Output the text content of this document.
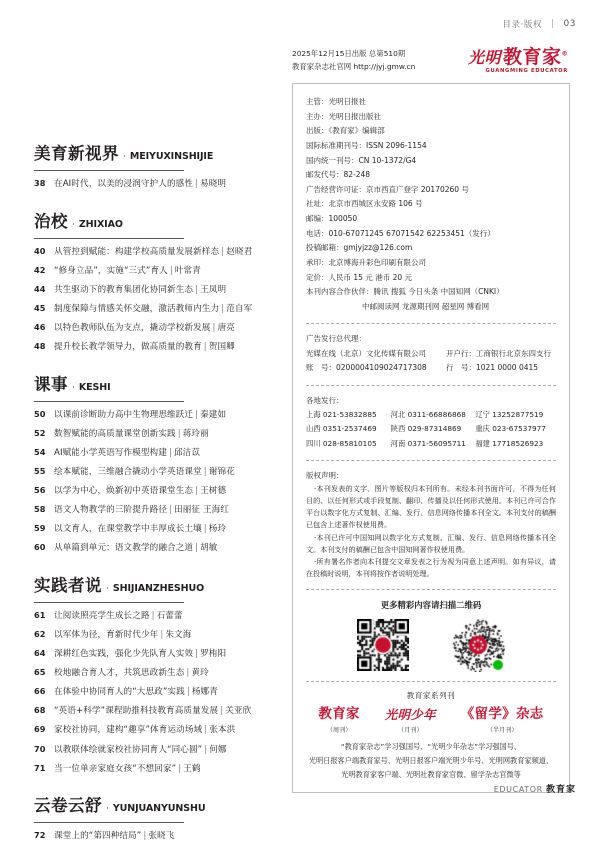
目录·版权 | 03
美育新视界 · MEIYUXINSHIJIE
38 在AI时代，以美的浸润守护人的感性 | 易晓明
治校 · ZHIXIAO
40 从管控到赋能：构建学校高质量发展新样态 | 赵晓君
42 “修身立品”，实施“三式”育人 | 叶常青
44 共生驱动下的教育集团化协同新生态 | 王凤明
45 制度保障与情感关怀交融，激活教师内生力 | 范自军
46 以特色教师队伍为支点，撬动学校新发展 | 唐亮
48 提升校长教学领导力，做高质量的教育 | 贺国卿
课事 · KESHI
50 以课前诊断助力高中生物理思维跃迁 | 秦建如
52 数智赋能的高质量课堂创新实践 | 蒋玲丽
54 AI赋能小学英语写作模型构建 | 邱洁苡
55 绘本赋能，三维融合撬动小学英语课堂 | 谢锦花
56 以学为中心，焕新初中英语课堂生态 | 王树德
58 语文人物教学的三阶提升路径 | 田丽征 王海红
59 以文育人，在课堂教学中丰厚成长土壤 | 杨玲
60 从单篇到单元：语文教学的融合之道 | 胡敏
实践者说 · SHIJIANZHESHUO
61 让阅读照亮学生成长之路 | 石蕾蕾
62 以军体为径，育新时代少年 | 朱文海
64 深耕红色实践，强化少先队育人实效 | 罗栯阳
65 校地融合育人才，共筑思政新生态 | 黄玲
66 在体验中协同育人的“大思政”实践 | 杨娜青
68 “英语+科学”课程助推科技教育高质量发展 | 关亚欣
69 家校社协同，建构“趣享”体育运动场域 | 张本洪
70 以教联体绘就家校社协同育人“同心圆” | 何娜
71 当一位单亲家庭女孩“不想回家” | 王鹤
云卷云舒 · YUNJUANYUNSHU
72 课堂上的“第四种结局” | 张晓飞
2025年12月15日出版 总第510期
教育家杂志社官网 http://jyj.gmw.cn	光明 教育家®
GUANGMING EDUCATOR
主管：光明日报社
主办：光明日报出版社
出版：《教育家》编辑部
国际标准期刊号：ISSN 2096-1154
国内统一刊号：CN 10-1372/G4
邮发代号：82-248
广告经营许可证：京市西直广登字 20170260 号
社址：北京市西城区永安路 106 号
邮编：100050
电话：010-67071245 67071542 62253451（发行）
投稿邮箱：gmjyjzz@126.com
承印：北京博海升彩色印刷有限公司
定价：人民币 15 元 港币 20 元
本刊内容合作伙伴：腾讯 搜狐 今日头条 中国知网（CNKI）
中邮阅读网 龙源期刊网 超星网 博看网
广告发行总代理：
光媒在线（北京）文化传媒有限公司	开户行：工商银行北京东四支行
账　号：0200004109024717308	行　号：1021 0000 0415
各地发行：
上海 021-53832885	河北 0311-66886868	辽宁 13252877519
山西 0351-2537469	陕西 029-87314869	重庆 023-67537977
四川 028-85810105	河南 0371-56095711	福建 17718526923
版权声明：

·本刊发表的文字、图片等版权归本刊所有。未经本刊书面许可，不得为任何目的、以任何形式或手段复制、翻印、传播及以任何形式使用。本刊已许可合作平台以数字化方式复制、汇编、发行、信息网络传播本刊全文。本刊支付的稿酬已包含上述著作权使用费。

·本刊已许可中国知网以数字化方式复制、汇编、发行、信息网络传播本刊全文。本刊支付的稿酬已包含中国知网著作权使用费。

·所有署名作者向本刊提交文章发表之行为视为同意上述声明。如有异议，请在投稿时说明，本刊将按作者说明处理。

更多精彩内容请扫描二维码
教育家系列刊
教育家
（周刊）
光明少年
（月刊）
《留学》杂志
（半月刊）
“教育家杂志”学习强国号、“光明少年杂志”学习强国号、
光明日报客户端教育家号、光明日报客户端光明少年号、光明网教育家频道、
光明教育家客户端、光明社教育家官微、留学杂志官微等
EDUCATOR 教育家
